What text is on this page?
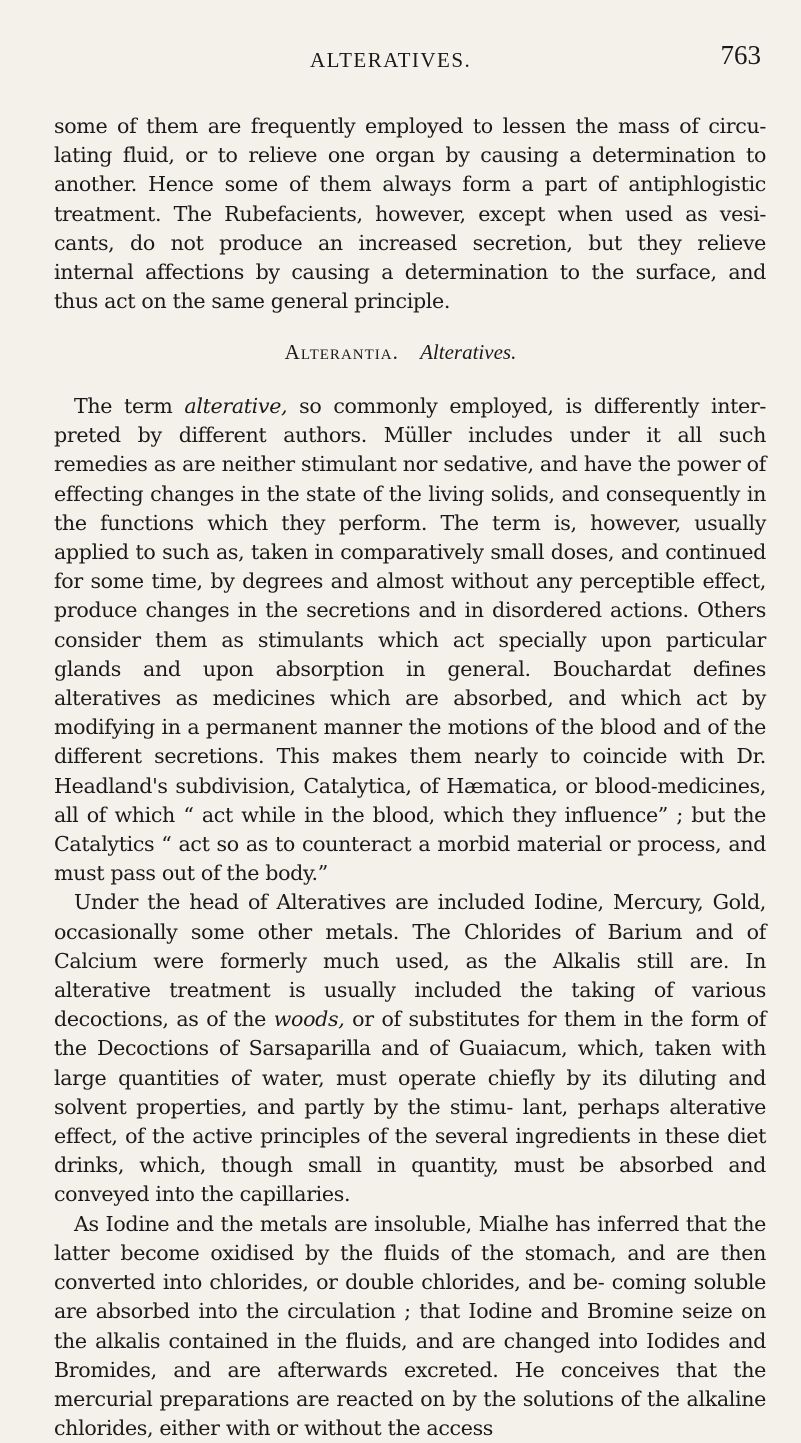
ALTERATIVES.	763

some of them are frequently employed to lessen the mass of circu- lating fluid, or to relieve one organ by causing a determination to another. Hence some of them always form a part of antiphlogistic treatment. The Rubefacients, however, except when used as vesi- cants, do not produce an increased secretion, but they relieve internal affections by causing a determination to the surface, and thus act on the same general principle.

Alterantia. Alteratives.

The term alterative, so commonly employed, is differently inter- preted by different authors. Müller includes under it all such remedies as are neither stimulant nor sedative, and have the power of effecting changes in the state of the living solids, and consequently in the functions which they perform. The term is, however, usually applied to such as, taken in comparatively small doses, and continued for some time, by degrees and almost without any perceptible effect, produce changes in the secretions and in disordered actions. Others consider them as stimulants which act specially upon particular glands and upon absorption in general. Bouchardat defines alteratives as medicines which are absorbed, and which act by modifying in a permanent manner the motions of the blood and of the different secretions. This makes them nearly to coincide with Dr. Headland's subdivision, Catalytica, of Hæmatica, or blood-medicines, all of which “ act while in the blood, which they influence” ; but the Catalytics “ act so as to counteract a morbid material or process, and must pass out of the body.”

Under the head of Alteratives are included Iodine, Mercury, Gold, occasionally some other metals. The Chlorides of Barium and of Calcium were formerly much used, as the Alkalis still are. In alterative treatment is usually included the taking of various decoctions, as of the woods, or of substitutes for them in the form of the Decoctions of Sarsaparilla and of Guaiacum, which, taken with large quantities of water, must operate chiefly by its diluting and solvent properties, and partly by the stimu- lant, perhaps alterative effect, of the active principles of the several ingredients in these diet drinks, which, though small in quantity, must be absorbed and conveyed into the capillaries.

As Iodine and the metals are insoluble, Mialhe has inferred that the latter become oxidised by the fluids of the stomach, and are then converted into chlorides, or double chlorides, and be- coming soluble are absorbed into the circulation ; that Iodine and Bromine seize on the alkalis contained in the fluids, and are changed into Iodides and Bromides, and are afterwards excreted. He conceives that the mercurial preparations are reacted on by the solutions of the alkaline chlorides, either with or without the access
